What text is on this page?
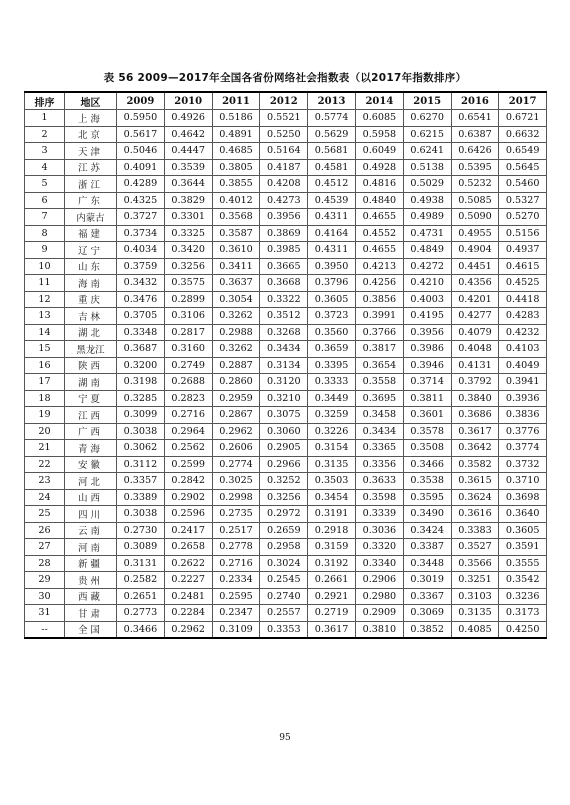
表 56 2009—2017年全国各省份网络社会指数表（以2017年指数排序）
排序	地区	2009	2010	2011	2012	2013	2014	2015	2016	2017
1	上海	0.5950	0.4926	0.5186	0.5521	0.5774	0.6085	0.6270	0.6541	0.6721
2	北京	0.5617	0.4642	0.4891	0.5250	0.5629	0.5958	0.6215	0.6387	0.6632
3	天津	0.5046	0.4447	0.4685	0.5164	0.5681	0.6049	0.6241	0.6426	0.6549
4	江苏	0.4091	0.3539	0.3805	0.4187	0.4581	0.4928	0.5138	0.5395	0.5645
5	浙江	0.4289	0.3644	0.3855	0.4208	0.4512	0.4816	0.5029	0.5232	0.5460
6	广东	0.4325	0.3829	0.4012	0.4273	0.4539	0.4840	0.4938	0.5085	0.5327
7	内蒙古	0.3727	0.3301	0.3568	0.3956	0.4311	0.4655	0.4989	0.5090	0.5270
8	福建	0.3734	0.3325	0.3587	0.3869	0.4164	0.4552	0.4731	0.4955	0.5156
9	辽宁	0.4034	0.3420	0.3610	0.3985	0.4311	0.4655	0.4849	0.4904	0.4937
10	山东	0.3759	0.3256	0.3411	0.3665	0.3950	0.4213	0.4272	0.4451	0.4615
11	海南	0.3432	0.3575	0.3637	0.3668	0.3796	0.4256	0.4210	0.4356	0.4525
12	重庆	0.3476	0.2899	0.3054	0.3322	0.3605	0.3856	0.4003	0.4201	0.4418
13	吉林	0.3705	0.3106	0.3262	0.3512	0.3723	0.3991	0.4195	0.4277	0.4283
14	湖北	0.3348	0.2817	0.2988	0.3268	0.3560	0.3766	0.3956	0.4079	0.4232
15	黑龙江	0.3687	0.3160	0.3262	0.3434	0.3659	0.3817	0.3986	0.4048	0.4103
16	陕西	0.3200	0.2749	0.2887	0.3134	0.3395	0.3654	0.3946	0.4131	0.4049
17	湖南	0.3198	0.2688	0.2860	0.3120	0.3333	0.3558	0.3714	0.3792	0.3941
18	宁夏	0.3285	0.2823	0.2959	0.3210	0.3449	0.3695	0.3811	0.3840	0.3936
19	江西	0.3099	0.2716	0.2867	0.3075	0.3259	0.3458	0.3601	0.3686	0.3836
20	广西	0.3038	0.2964	0.2962	0.3060	0.3226	0.3434	0.3578	0.3617	0.3776
21	青海	0.3062	0.2562	0.2606	0.2905	0.3154	0.3365	0.3508	0.3642	0.3774
22	安徽	0.3112	0.2599	0.2774	0.2966	0.3135	0.3356	0.3466	0.3582	0.3732
23	河北	0.3357	0.2842	0.3025	0.3252	0.3503	0.3633	0.3538	0.3615	0.3710
24	山西	0.3389	0.2902	0.2998	0.3256	0.3454	0.3598	0.3595	0.3624	0.3698
25	四川	0.3038	0.2596	0.2735	0.2972	0.3191	0.3339	0.3490	0.3616	0.3640
26	云南	0.2730	0.2417	0.2517	0.2659	0.2918	0.3036	0.3424	0.3383	0.3605
27	河南	0.3089	0.2658	0.2778	0.2958	0.3159	0.3320	0.3387	0.3527	0.3591
28	新疆	0.3131	0.2622	0.2716	0.3024	0.3192	0.3340	0.3448	0.3566	0.3555
29	贵州	0.2582	0.2227	0.2334	0.2545	0.2661	0.2906	0.3019	0.3251	0.3542
30	西藏	0.2651	0.2481	0.2595	0.2740	0.2921	0.2980	0.3367	0.3103	0.3236
31	甘肃	0.2773	0.2284	0.2347	0.2557	0.2719	0.2909	0.3069	0.3135	0.3173
--	全国	0.3466	0.2962	0.3109	0.3353	0.3617	0.3810	0.3852	0.4085	0.4250
95
